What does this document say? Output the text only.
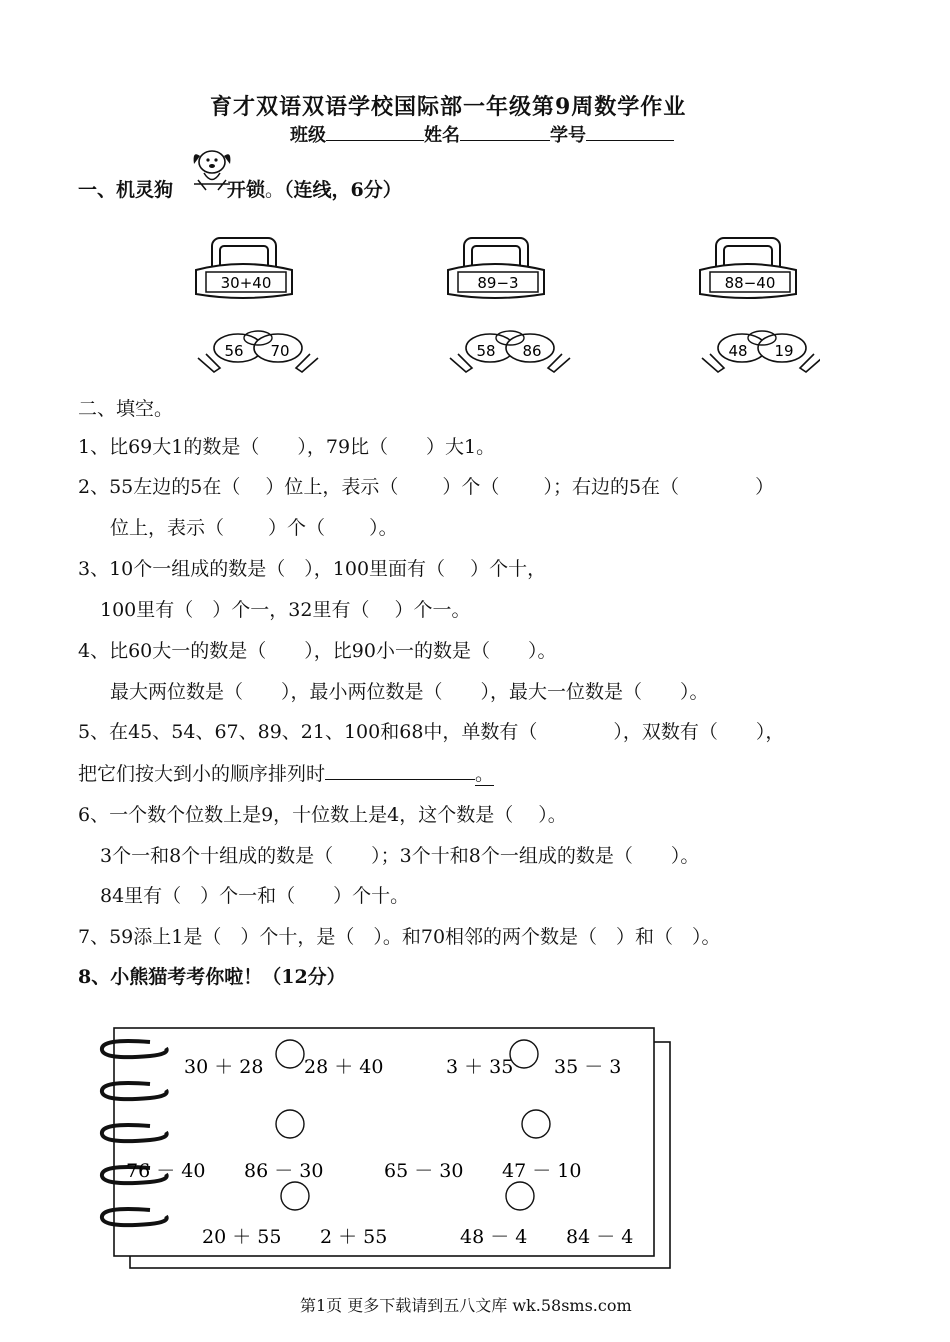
育才双语双语学校国际部一年级第9周数学作业
班级	姓名	学号
一、机灵狗	开锁。（连线，6分）
30+40	89−3	88−40
56 70	58 86	48 19
二、填空。
1、比69大1的数是（　　），79比（　　）大1。
2、55左边的5在（　 ）位上，表示（　　 ）个（　　 ）；右边的5在（　　　　）
位上，表示（　　 ）个（　　 ）。
3、10个一组成的数是（　），100里面有（　 ）个十，
100里有（　）个一，32里有（　 ）个一。
4、比60大一的数是（　　），比90小一的数是（　　）。
最大两位数是（　　），最小两位数是（　　），最大一位数是（　　）。
5、在45、54、67、89、21、100和68中，单数有（　　　　），双数有（　　），
把它们按大到小的顺序排列时	。
6、一个数个位数上是9，十位数上是4，这个数是（　 ）。
3个一和8个十组成的数是（　　）；3个十和8个一组成的数是（　　）。
84里有（　）个一和（　　）个十。
7、59添上1是（　）个十，是（　）。和70相邻的两个数是（　）和（　）。
8、小熊猫考考你啦！（12分）
30 ＋ 28 28 ＋ 40	3 ＋ 35 35 － 3
76 － 40 86 － 30	65 － 30 47 － 10
20 ＋ 55 2 ＋ 55	48 － 4 84 － 4
第1页 更多下载请到五八文库 wk.58sms.com
